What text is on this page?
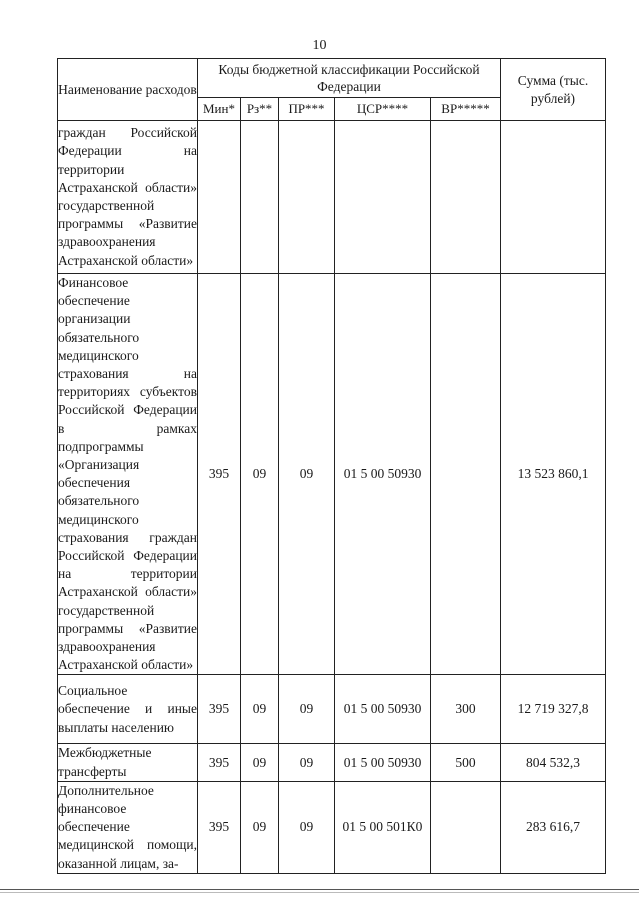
10
Наименование расходов	Коды бюджетной классификации Российской Федерации					Сумма (тыс. рублей)
	Мин*	Рз**	ПР***	ЦСР****	ВР*****	

граждан Российской Федерации на территории Астраханской области» государственной программы «Развитие здравоохранения Астраханской области»						

Финансовое обеспечение организации обязательного медицинского страхования на территориях субъектов Российской Федерации в рамках подпрограммы «Организация обеспечения обязательного медицинского страхования граждан Российской Федерации на территории Астраханской области» государственной программы «Развитие здравоохранения Астраханской области»	395	09	09	01 5 00 50930		13 523 860,1

Социальное обеспечение и иные выплаты населению	395	09	09	01 5 00 50930	300	12 719 327,8

Межбюджетные трансферты	395	09	09	01 5 00 50930	500	804 532,3

Дополнительное финансовое обеспечение медицинской помощи, оказанной лицам, за-	395	09	09	01 5 00 501К0		283 616,7
